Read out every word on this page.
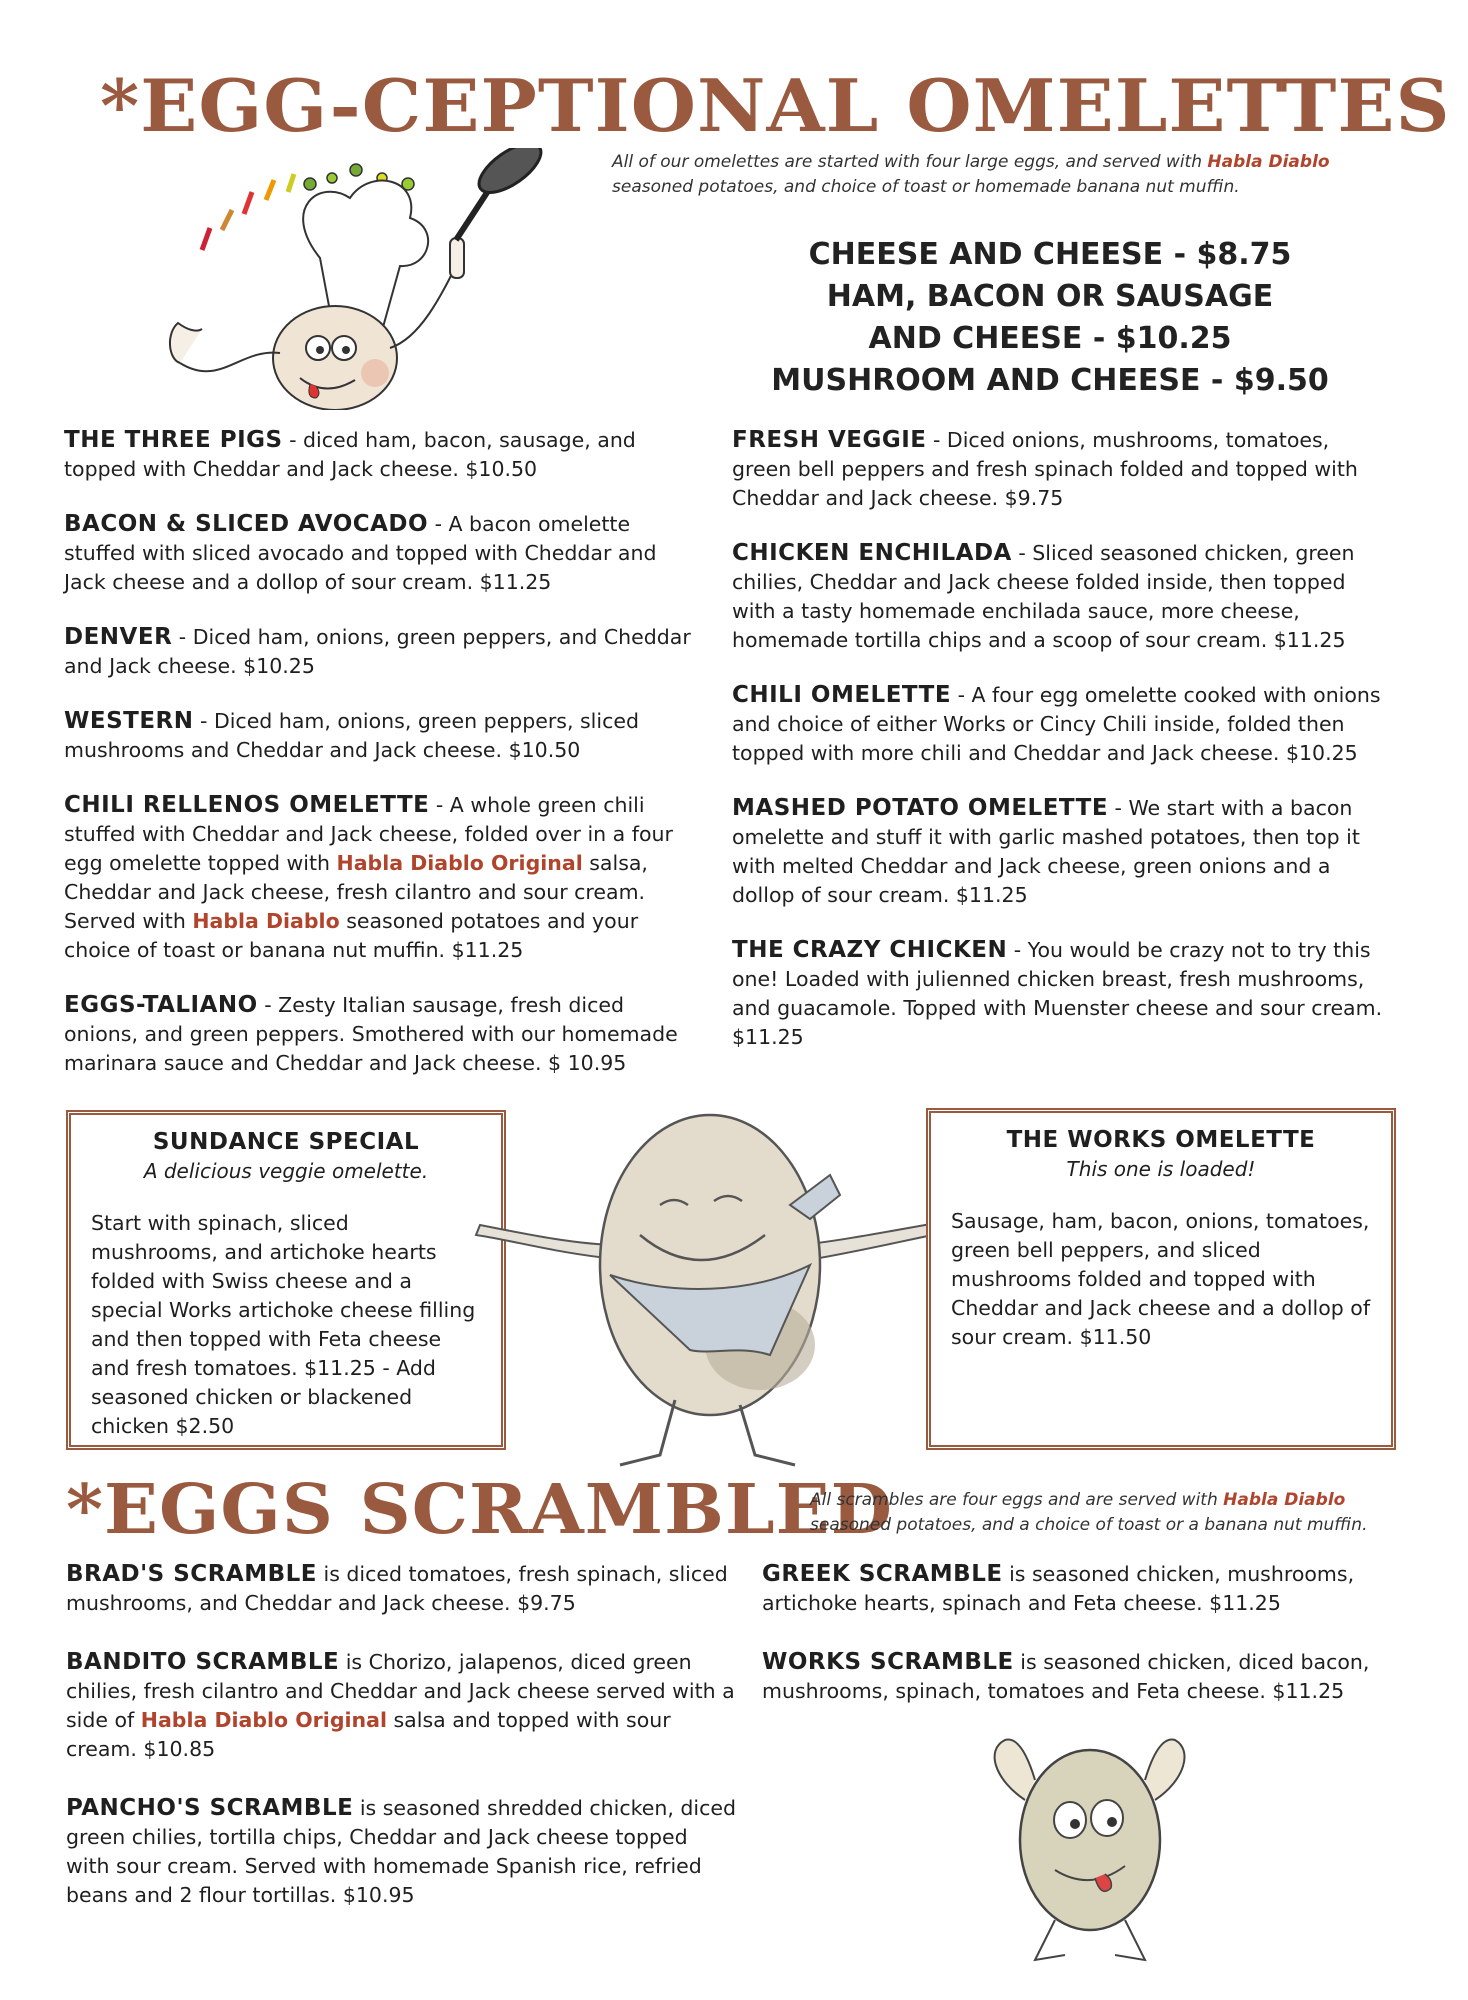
*EGG-CEPTIONAL OMELETTES
All of our omelettes are started with four large eggs, and served with Habla Diablo seasoned potatoes, and choice of toast or homemade banana nut muffin.
CHEESE AND CHEESE - $8.75
HAM, BACON OR SAUSAGE
AND CHEESE - $10.25
MUSHROOM AND CHEESE - $9.50

THE THREE PIGS - diced ham, bacon, sausage, and topped with Cheddar and Jack cheese. $10.50

BACON & SLICED AVOCADO - A bacon omelette stuffed with sliced avocado and topped with Cheddar and Jack cheese and a dollop of sour cream. $11.25

DENVER - Diced ham, onions, green peppers, and Cheddar and Jack cheese. $10.25

WESTERN - Diced ham, onions, green peppers, sliced mushrooms and Cheddar and Jack cheese. $10.50

CHILI RELLENOS OMELETTE - A whole green chili stuffed with Cheddar and Jack cheese, folded over in a four egg omelette topped with Habla Diablo Original salsa, Cheddar and Jack cheese, fresh cilantro and sour cream. Served with Habla Diablo seasoned potatoes and your choice of toast or banana nut muffin. $11.25

EGGS-TALIANO - Zesty Italian sausage, fresh diced onions, and green peppers. Smothered with our homemade marinara sauce and Cheddar and Jack cheese. $ 10.95

FRESH VEGGIE - Diced onions, mushrooms, tomatoes, green bell peppers and fresh spinach folded and topped with Cheddar and Jack cheese. $9.75

CHICKEN ENCHILADA - Sliced seasoned chicken, green chilies, Cheddar and Jack cheese folded inside, then topped with a tasty homemade enchilada sauce, more cheese, homemade tortilla chips and a scoop of sour cream. $11.25

CHILI OMELETTE - A four egg omelette cooked with onions and choice of either Works or Cincy Chili inside, folded then topped with more chili and Cheddar and Jack cheese. $10.25

MASHED POTATO OMELETTE - We start with a bacon omelette and stuff it with garlic mashed potatoes, then top it with melted Cheddar and Jack cheese, green onions and a dollop of sour cream. $11.25

THE CRAZY CHICKEN - You would be crazy not to try this one! Loaded with julienned chicken breast, fresh mushrooms, and guacamole. Topped with Muenster cheese and sour cream. $11.25

SUNDANCE SPECIAL
A delicious veggie omelette.
Start with spinach, sliced mushrooms, and artichoke hearts folded with Swiss cheese and a special Works artichoke cheese filling and then topped with Feta cheese and fresh tomatoes. $11.25 - Add seasoned chicken or blackened chicken $2.50
THE WORKS OMELETTE
This one is loaded!
Sausage, ham, bacon, onions, tomatoes, green bell peppers, and sliced mushrooms folded and topped with Cheddar and Jack cheese and a dollop of sour cream. $11.50
*EGGS SCRAMBLED
All scrambles are four eggs and are served with Habla Diablo seasoned potatoes, and a choice of toast or a banana nut muffin.

BRAD'S SCRAMBLE is diced tomatoes, fresh spinach, sliced mushrooms, and Cheddar and Jack cheese. $9.75

BANDITO SCRAMBLE is Chorizo, jalapenos, diced green chilies, fresh cilantro and Cheddar and Jack cheese served with a side of Habla Diablo Original salsa and topped with sour cream. $10.85

PANCHO'S SCRAMBLE is seasoned shredded chicken, diced green chilies, tortilla chips, Cheddar and Jack cheese topped with sour cream. Served with homemade Spanish rice, refried beans and 2 flour tortillas. $10.95

GREEK SCRAMBLE is seasoned chicken, mushrooms, artichoke hearts, spinach and Feta cheese. $11.25

WORKS SCRAMBLE is seasoned chicken, diced bacon, mushrooms, spinach, tomatoes and Feta cheese. $11.25
